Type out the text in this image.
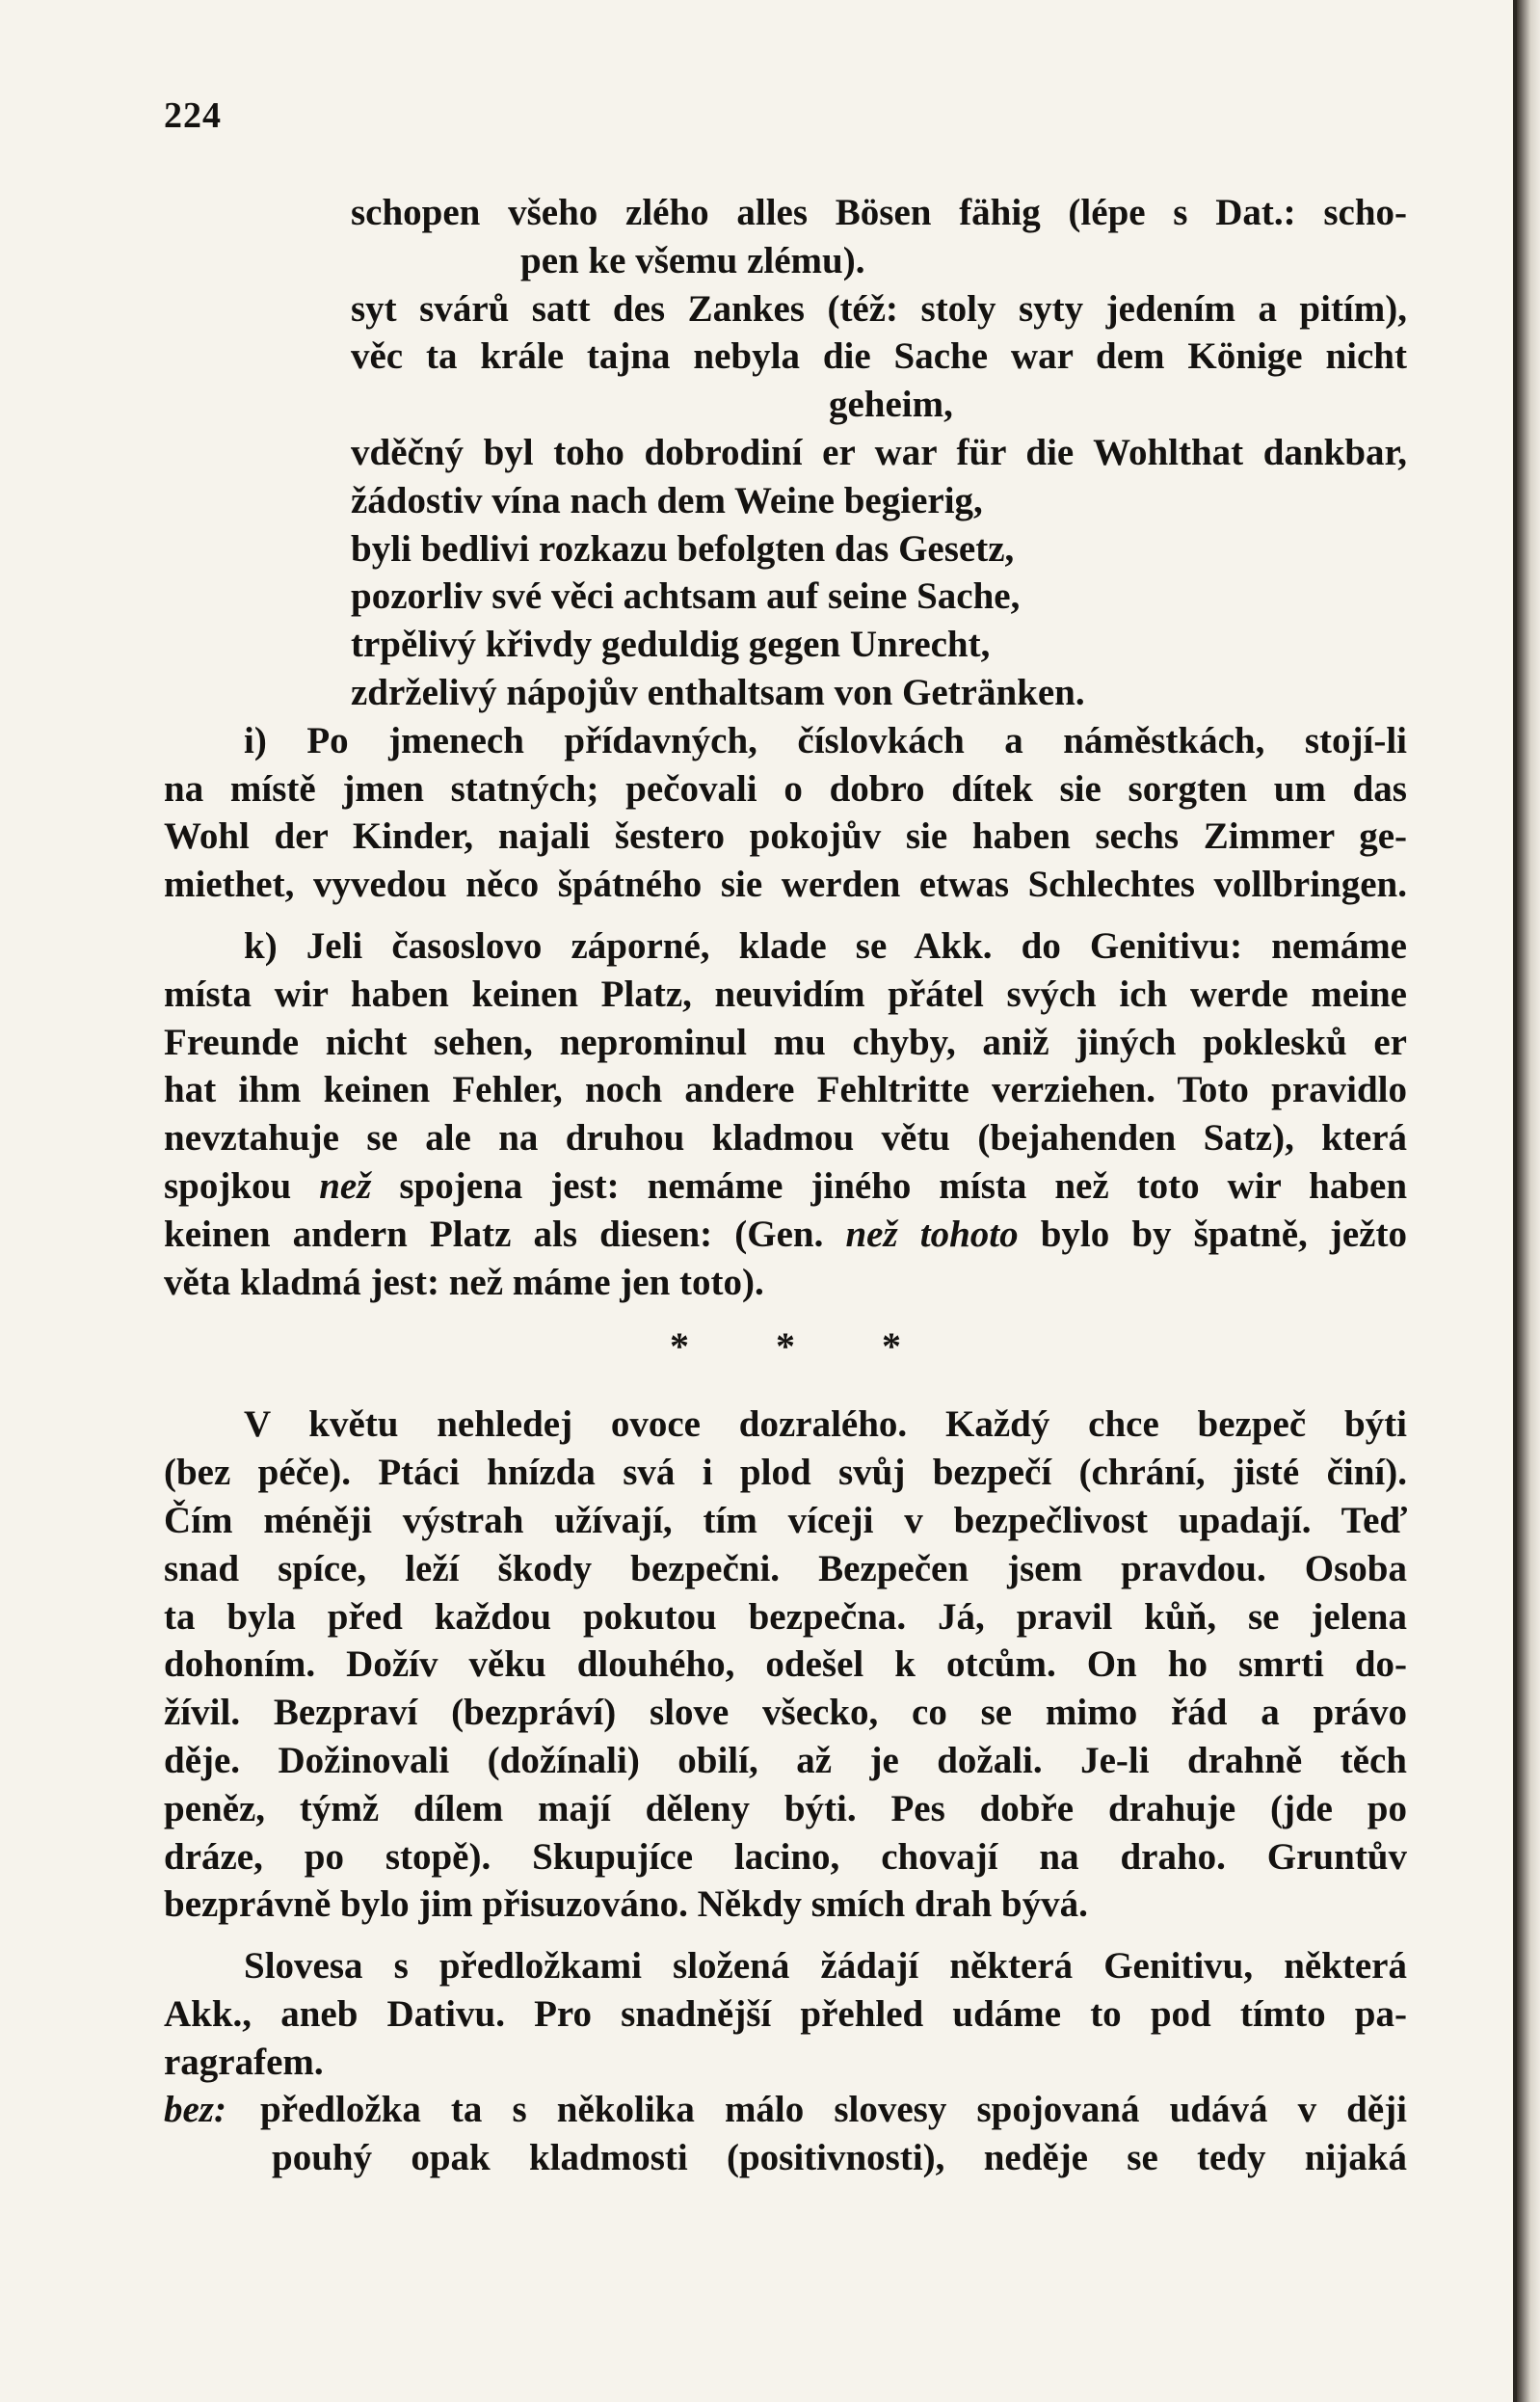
224
schopen všeho zlého alles Bösen fähig (lépe s Dat.: scho-
pen ke všemu zlému).
syt svárů satt des Zankes (též: stoly syty jedením a pitím),
věc ta krále tajna nebyla die Sache war dem Könige nicht
geheim,
vděčný byl toho dobrodiní er war für die Wohlthat dankbar,
žádostiv vína nach dem Weine begierig,
byli bedlivi rozkazu befolgten das Gesetz,
pozorliv své věci achtsam auf seine Sache,
trpělivý křivdy geduldig gegen Unrecht,
zdrželivý nápojův enthaltsam von Getränken.
i) Po jmenech přídavných, číslovkách a náměstkách, stojí-li
na místě jmen statných; pečovali o dobro dítek sie sorgten um das
Wohl der Kinder, najali šestero pokojův sie haben sechs Zimmer ge-
miethet, vyvedou něco špátného sie werden etwas Schlechtes vollbringen.
k) Jeli časoslovo záporné, klade se Akk. do Genitivu: nemáme
místa wir haben keinen Platz, neuvidím přátel svých ich werde meine
Freunde nicht sehen, neprominul mu chyby, aniž jiných poklesků er
hat ihm keinen Fehler, noch andere Fehltritte verziehen. Toto pravidlo
nevztahuje se ale na druhou kladmou větu (bejahenden Satz), která
spojkou než spojena jest: nemáme jiného místa než toto wir haben
keinen andern Platz als diesen: (Gen. než tohoto bylo by špatně, ježto
věta kladmá jest: než máme jen toto).
* * *
V květu nehledej ovoce dozralého. Každý chce bezpeč býti
(bez péče). Ptáci hnízda svá i plod svůj bezpečí (chrání, jisté činí).
Čím méněji výstrah užívají, tím víceji v bezpečlivost upadají. Teď
snad spíce, leží škody bezpečni. Bezpečen jsem pravdou. Osoba
ta byla před každou pokutou bezpečna. Já, pravil kůň, se jelena
dohoním. Dožív věku dlouhého, odešel k otcům. On ho smrti do-
žívil. Bezpraví (bezpráví) slove všecko, co se mimo řád a právo
děje. Dožinovali (dožínali) obilí, až je dožali. Je-li drahně těch
peněz, týmž dílem mají děleny býti. Pes dobře drahuje (jde po
dráze, po stopě). Skupujíce lacino, chovají na draho. Gruntův
bezprávně bylo jim přisuzováno. Někdy smích drah bývá.
Slovesa s předložkami složená žádají některá Genitivu, některá
Akk., aneb Dativu. Pro snadnější přehled udáme to pod tímto pa-
ragrafem.
bez: předložka ta s několika málo slovesy spojovaná udává v ději
pouhý opak kladmosti (positivnosti), neděje se tedy nijaká
